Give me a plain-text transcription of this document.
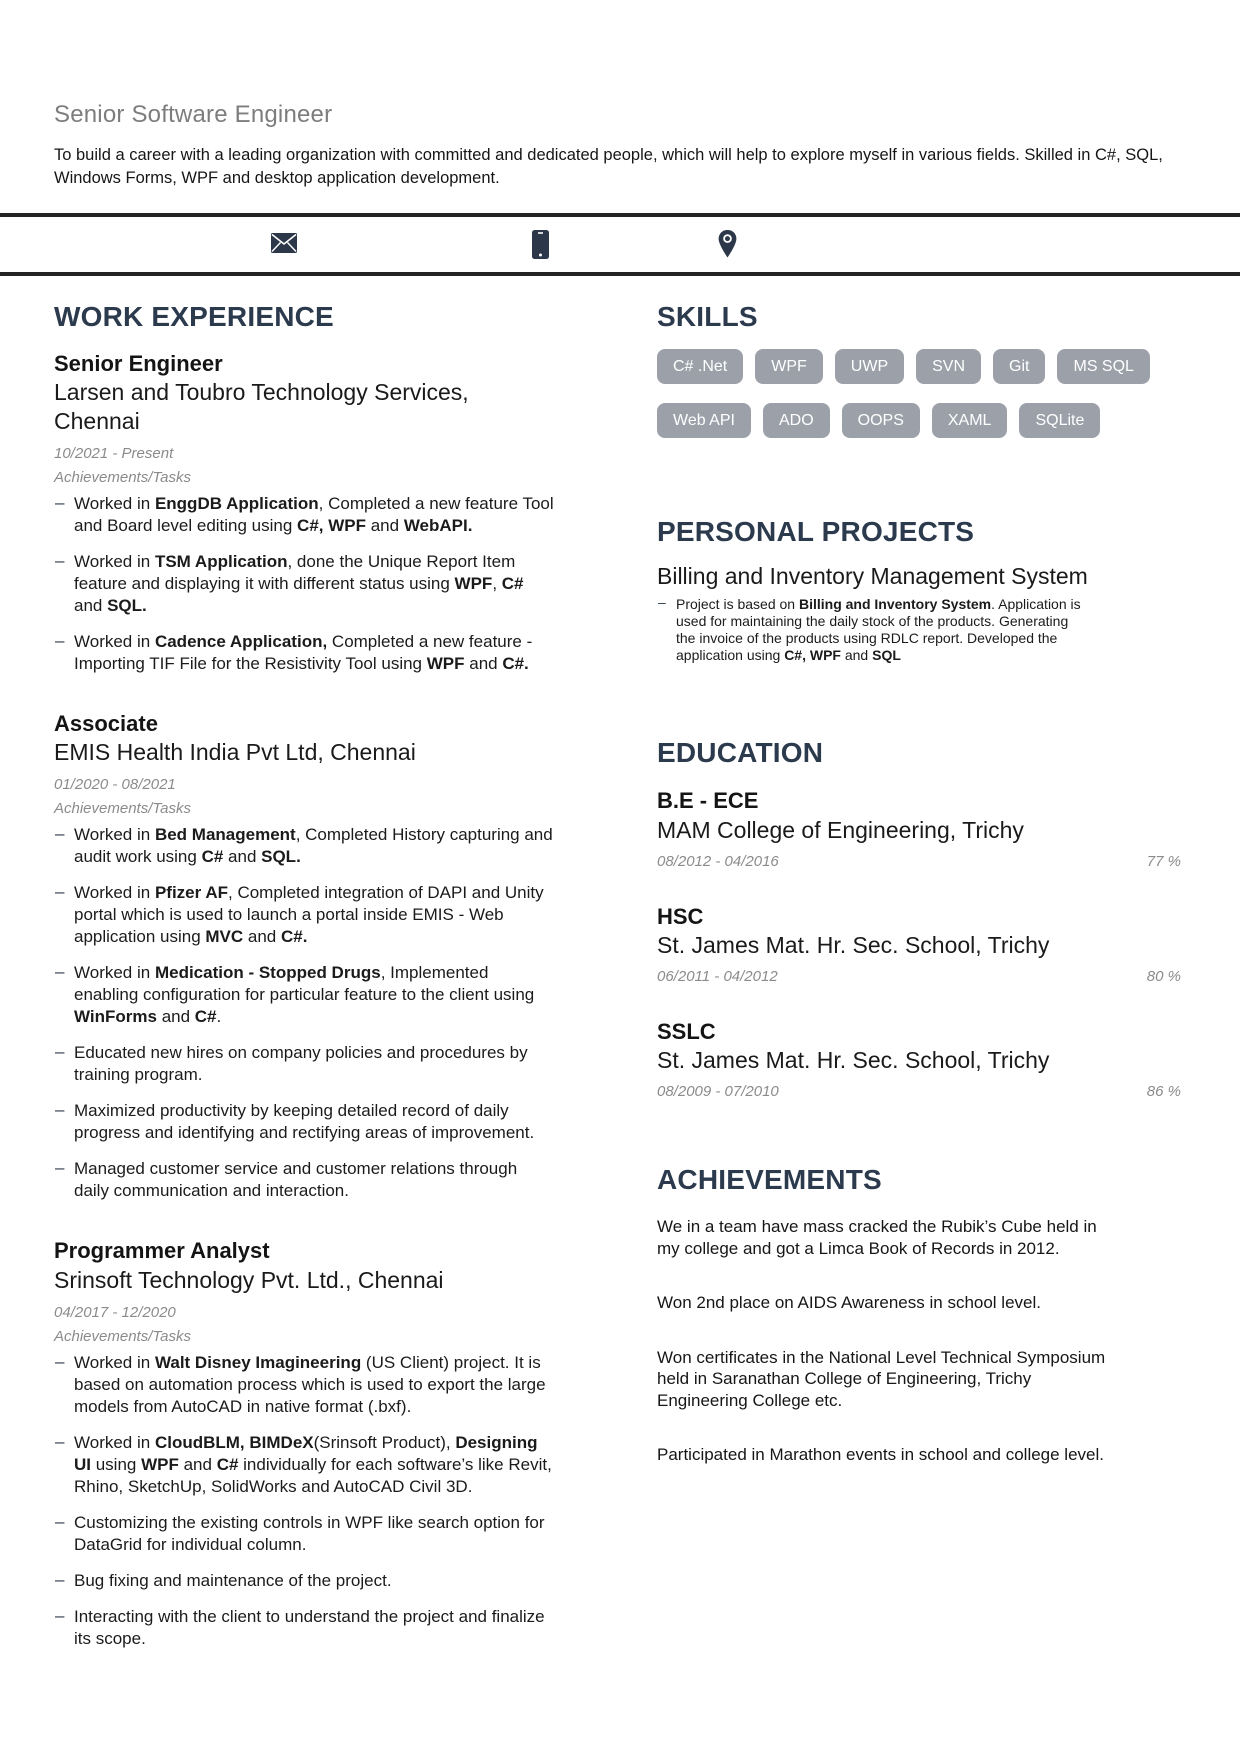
Senior Software Engineer

To build a career with a leading organization with committed and dedicated people, which will help to explore myself in various fields. Skilled in C#, SQL, Windows Forms, WPF and desktop application development.

WORK EXPERIENCE
Senior Engineer
Larsen and Toubro Technology Services, Chennai
10/2021 - Present
Achievements/Tasks
– Worked in EnggDB Application, Completed a new feature Tool and Board level editing using C#, WPF and WebAPI.
– Worked in TSM Application, done the Unique Report Item feature and displaying it with different status using WPF, C# and SQL.
– Worked in Cadence Application, Completed a new feature - Importing TIF File for the Resistivity Tool using WPF and C#.
Associate
EMIS Health India Pvt Ltd, Chennai
01/2020 - 08/2021
Achievements/Tasks
– Worked in Bed Management, Completed History capturing and audit work using C# and SQL.
– Worked in Pfizer AF, Completed integration of DAPI and Unity portal which is used to launch a portal inside EMIS - Web application using MVC and C#.
– Worked in Medication - Stopped Drugs, Implemented enabling configuration for particular feature to the client using WinForms and C#.
– Educated new hires on company policies and procedures by training program.
– Maximized productivity by keeping detailed record of daily progress and identifying and rectifying areas of improvement.
– Managed customer service and customer relations through daily communication and interaction.
Programmer Analyst
Srinsoft Technology Pvt. Ltd., Chennai
04/2017 - 12/2020
Achievements/Tasks
– Worked in Walt Disney Imagineering (US Client) project. It is based on automation process which is used to export the large models from AutoCAD in native format (.bxf).
– Worked in CloudBLM, BIMDeX(Srinsoft Product), Designing UI using WPF and C# individually for each software’s like Revit, Rhino, SketchUp, SolidWorks and AutoCAD Civil 3D.
– Customizing the existing controls in WPF like search option for DataGrid for individual column.
– Bug fixing and maintenance of the project.
– Interacting with the client to understand the project and finalize its scope.
SKILLS
C# .Net	WPF	UWP	SVN	Git	MS SQL
Web API	ADO	OOPS	XAML	SQLite
PERSONAL PROJECTS
Billing and Inventory Management System
– Project is based on Billing and Inventory System. Application is used for maintaining the daily stock of the products. Generating the invoice of the products using RDLC report. Developed the application using C#, WPF and SQL
EDUCATION
B.E - ECE
MAM College of Engineering, Trichy
08/2012 - 04/2016	77 %
HSC
St. James Mat. Hr. Sec. School, Trichy
06/2011 - 04/2012	80 %
SSLC
St. James Mat. Hr. Sec. School, Trichy
08/2009 - 07/2010	86 %
ACHIEVEMENTS

We in a team have mass cracked the Rubik’s Cube held in my college and got a Limca Book of Records in 2012.

Won 2nd place on AIDS Awareness in school level.

Won certificates in the National Level Technical Symposium held in Saranathan College of Engineering, Trichy Engineering College etc.

Participated in Marathon events in school and college level.
